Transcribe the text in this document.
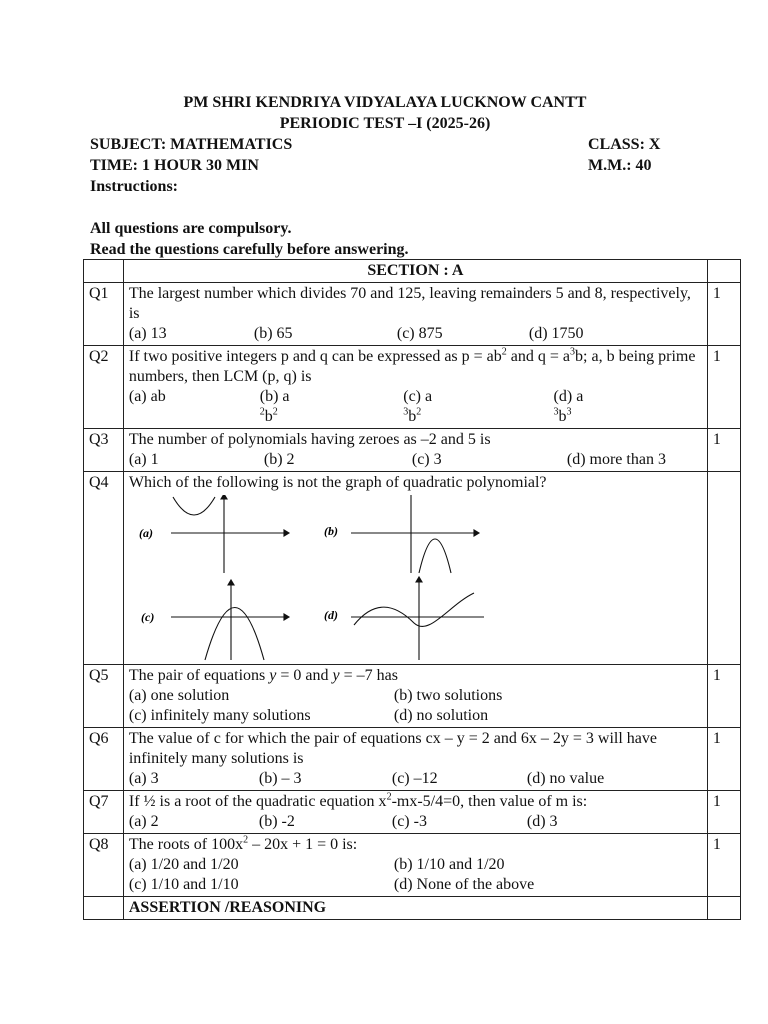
PM SHRI KENDRIYA VIDYALAYA LUCKNOW CANTT
PERIODIC TEST –I (2025-26)
SUBJECT: MATHEMATICS	CLASS: X
TIME: 1 HOUR 30 MIN	M.M.: 40
Instructions:
All questions are compulsory.
Read the questions carefully before answering.
	SECTION : A	
Q1	The largest number which divides 70 and 125, leaving remainders 5 and 8, respectively, is
(a) 13 (b) 65 (c) 875 (d) 1750	1
Q2	If two positive integers p and q can be expressed as $p = ab^2$ and $q = a^3b$; a, b being prime numbers, then LCM (p, q) is
(a) ab (b) $a^2b^2$
(c) $a^3b^2$
(d) $a^3b^3$	1
Q3	The number of polynomials having zeroes as –2 and 5 is
(a) 1 (b) 2 (c) 3 (d) more than 3	1
Q4	Which of the following is not the graph of quadratic polynomial?
(a) (b)
(c) (d)	

Q5	The pair of equations y = 0 and y = –7 has
(a) one solution (b) two solutions
(c) infinitely many solutions (d) no solution	1
Q6	The value of c for which the pair of equations cx – y = 2 and 6x – 2y = 3 will have infinitely many solutions is
(a) 3 (b) – 3 (c) –12 (d) no value	1
Q7	If ½ is a root of the quadratic equation $x^2-mx-5/4=0$, then value of m is:
(a) 2 (b) -2 (c) -3 (d) 3	1
Q8	The roots of $100x^2 - 20x + 1 = 0$ is:
(a) 1/20 and 1/20 (b) 1/10 and 1/20
(c) 1/10 and 1/10 (d) None of the above	1
	ASSERTION /REASONING	
